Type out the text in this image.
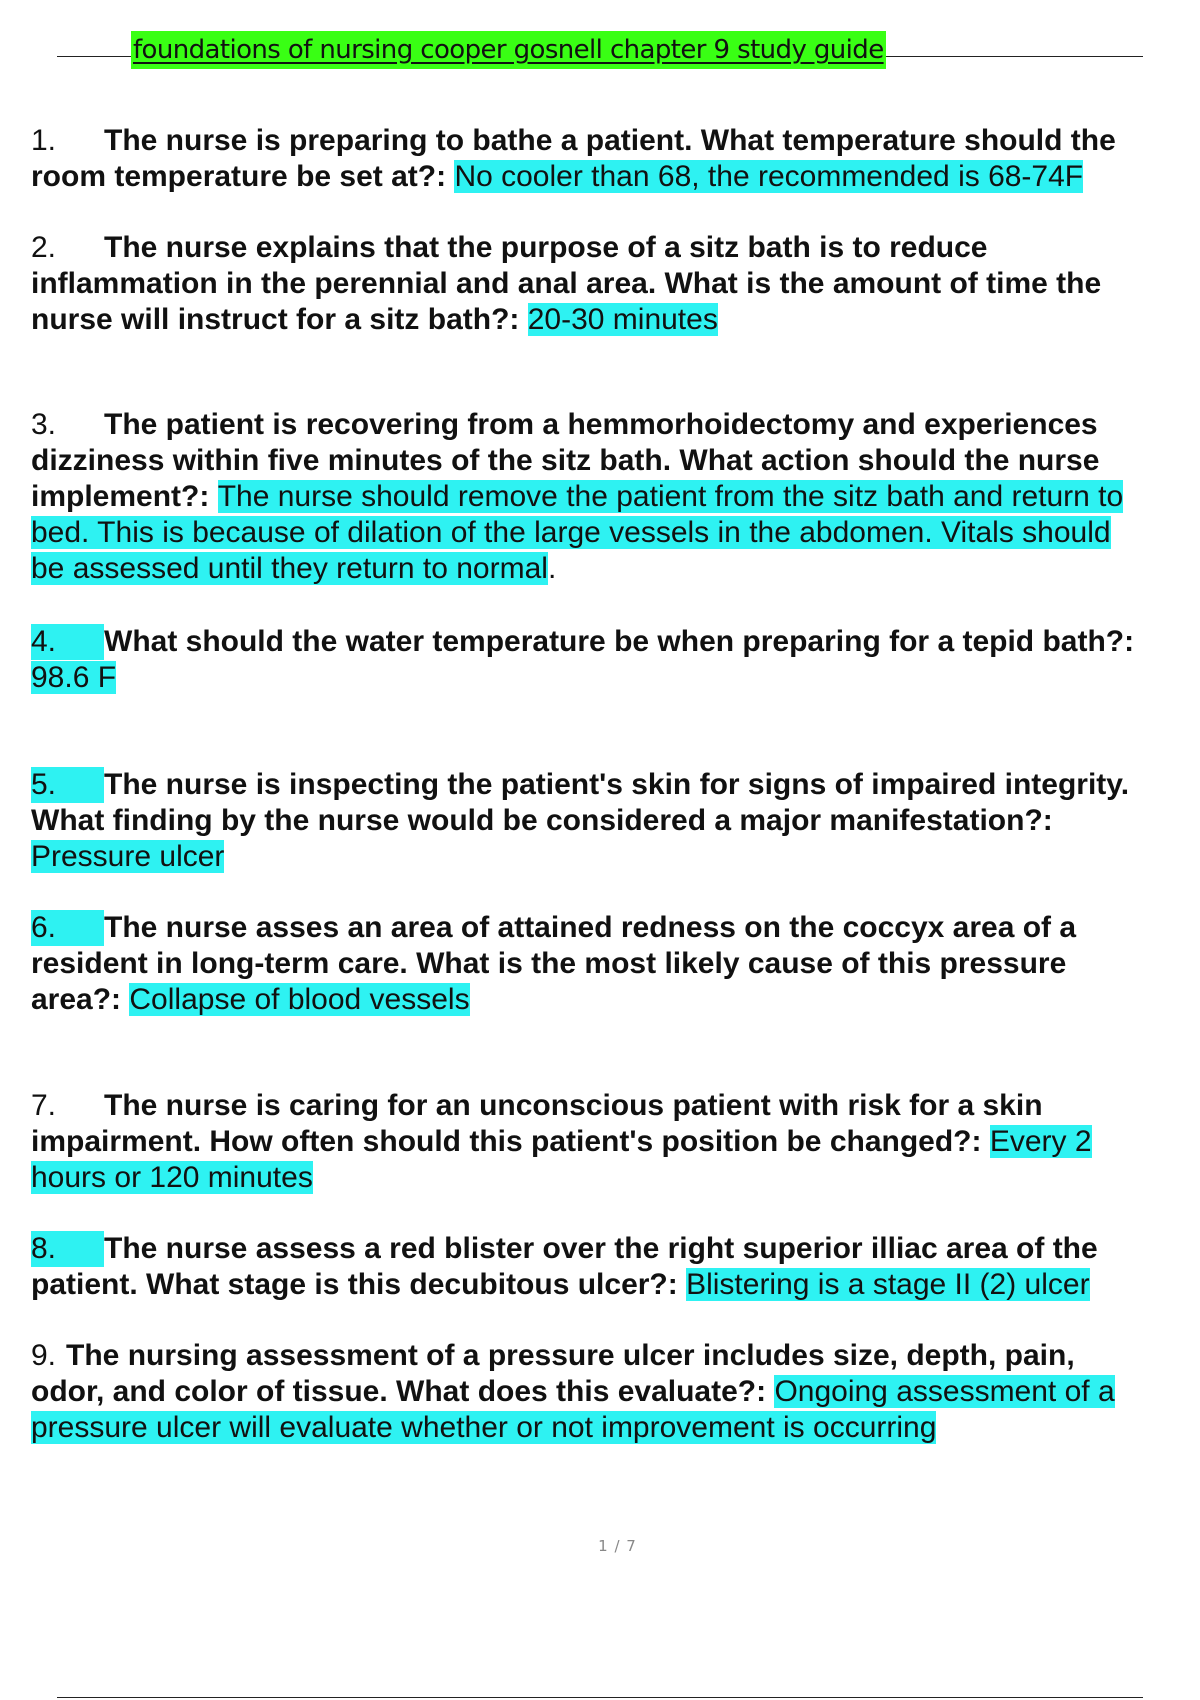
foundations of nursing cooper gosnell chapter 9 study guide
1. The nurse is preparing to bathe a patient. What temperature should the
room temperature be set at?: No cooler than 68, the recommended is 68-74F
2. The nurse explains that the purpose of a sitz bath is to reduce
inflammation in the perennial and anal area. What is the amount of time the
nurse will instruct for a sitz bath?: 20-30 minutes
3. The patient is recovering from a hemmorhoidectomy and experiences
dizziness within five minutes of the sitz bath. What action should the nurse
implement?: The nurse should remove the patient from the sitz bath and return to
bed. This is because of dilation of the large vessels in the abdomen. Vitals should
be assessed until they return to normal.
4. What should the water temperature be when preparing for a tepid bath?:
98.6 F
5. The nurse is inspecting the patient's skin for signs of impaired integrity.
What finding by the nurse would be considered a major manifestation?:
Pressure ulcer
6. The nurse asses an area of attained redness on the coccyx area of a
resident in long-term care. What is the most likely cause of this pressure
area?: Collapse of blood vessels
7. The nurse is caring for an unconscious patient with risk for a skin
impairment. How often should this patient's position be changed?: Every 2
hours or 120 minutes
8. The nurse assess a red blister over the right superior illiac area of the
patient. What stage is this decubitous ulcer?: Blistering is a stage II (2) ulcer
9. The nursing assessment of a pressure ulcer includes size, depth, pain,
odor, and color of tissue. What does this evaluate?: Ongoing assessment of a
pressure ulcer will evaluate whether or not improvement is occurring
1 / 7
